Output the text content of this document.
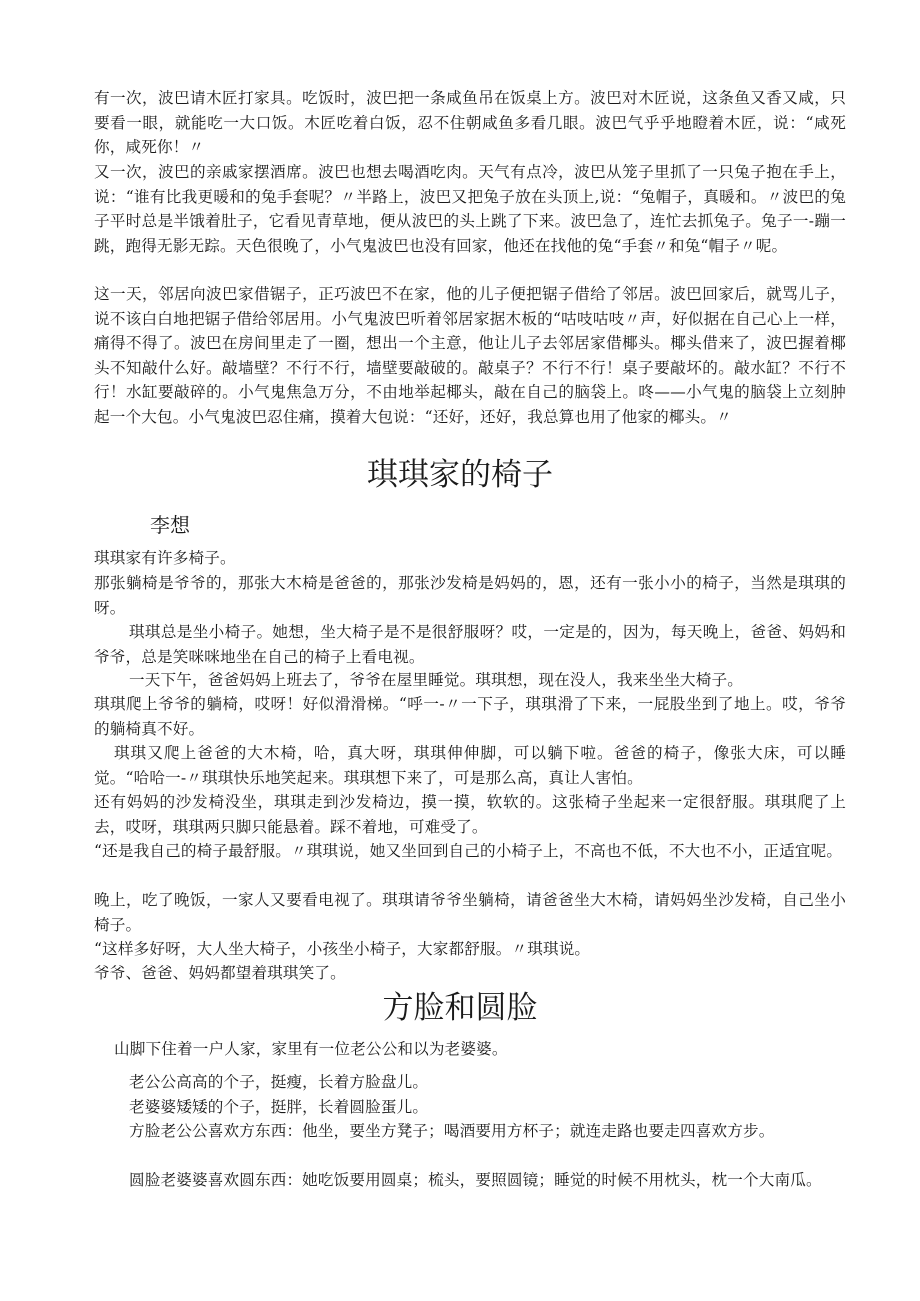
有一次，波巴请木匠打家具。吃饭时，波巴把一条咸鱼吊在饭桌上方。波巴对木匠说，这条鱼又香又咸，只要看一眼，就能吃一大口饭。木匠吃着白饭，忍不住朝咸鱼多看几眼。波巴气乎乎地瞪着木匠，说：“咸死你，咸死你！〃

又一次，波巴的亲戚家摆酒席。波巴也想去喝酒吃肉。天气有点冷，波巴从笼子里抓了一只兔子抱在手上，说：“谁有比我更暖和的兔手套呢？〃半路上，波巴又把兔子放在头顶上,说：“兔帽子，真暖和。〃波巴的兔子平时总是半饿着肚子，它看见青草地，便从波巴的头上跳了下来。波巴急了，连忙去抓兔子。兔子一-蹦一跳，跑得无影无踪。天色很晚了，小气鬼波巴也没有回家，他还在找他的兔“手套〃和兔“帽子〃呢。

这一天，邻居向波巴家借锯子，正巧波巴不在家，他的儿子便把锯子借给了邻居。波巴回家后，就骂儿子，说不该白白地把锯子借给邻居用。小气鬼波巴听着邻居家据木板的“咕吱咕吱〃声，好似据在自己心上一样，痛得不得了。波巴在房间里走了一圈，想出一个主意，他让儿子去邻居家借椰头。椰头借来了，波巴握着椰头不知敲什么好。敲墙壁？不行不行，墙壁要敲破的。敲桌子？不行不行！桌子要敲坏的。敲水缸？不行不行！水缸要敲碎的。小气鬼焦急万分，不由地举起椰头，敲在自己的脑袋上。咚——小气鬼的脑袋上立刻肿起一个大包。小气鬼波巴忍住痛，摸着大包说：“还好，还好，我总算也用了他家的椰头。〃

琪琪家的椅子

李想

琪琪家有许多椅子。

那张躺椅是爷爷的，那张大木椅是爸爸的，那张沙发椅是妈妈的，恩，还有一张小小的椅子，当然是琪琪的呀。

琪琪总是坐小椅子。她想，坐大椅子是不是很舒服呀？哎，一定是的，因为，每天晚上，爸爸、妈妈和爷爷，总是笑咪咪地坐在自己的椅子上看电视。

一天下午，爸爸妈妈上班去了，爷爷在屋里睡觉。琪琪想，现在没人，我来坐坐大椅子。

琪琪爬上爷爷的躺椅，哎呀！好似滑滑梯。“呼一-〃一下子，琪琪滑了下来，一屁股坐到了地上。哎，爷爷的躺椅真不好。

琪琪又爬上爸爸的大木椅，哈，真大呀，琪琪伸伸脚，可以躺下啦。爸爸的椅子，像张大床，可以睡觉。“哈哈一-〃琪琪快乐地笑起来。琪琪想下来了，可是那么高，真让人害怕。

还有妈妈的沙发椅没坐，琪琪走到沙发椅边，摸一摸，软软的。这张椅子坐起来一定很舒服。琪琪爬了上去，哎呀，琪琪两只脚只能悬着。踩不着地，可难受了。

“还是我自己的椅子最舒服。〃琪琪说，她又坐回到自己的小椅子上，不高也不低，不大也不小，正适宜呢。

晚上，吃了晚饭，一家人又要看电视了。琪琪请爷爷坐躺椅，请爸爸坐大木椅，请妈妈坐沙发椅，自己坐小椅子。

“这样多好呀，大人坐大椅子，小孩坐小椅子，大家都舒服。〃琪琪说。

爷爷、爸爸、妈妈都望着琪琪笑了。

方脸和圆脸

山脚下住着一户人家，家里有一位老公公和以为老婆婆。

老公公高高的个子，挺瘦，长着方脸盘儿。

老婆婆矮矮的个子，挺胖，长着圆脸蛋儿。

方脸老公公喜欢方东西：他坐，要坐方凳子；喝酒要用方杯子；就连走路也要走四喜欢方步。

圆脸老婆婆喜欢圆东西：她吃饭要用圆桌；梳头，要照圆镜；睡觉的时候不用枕头，枕一个大南瓜。
